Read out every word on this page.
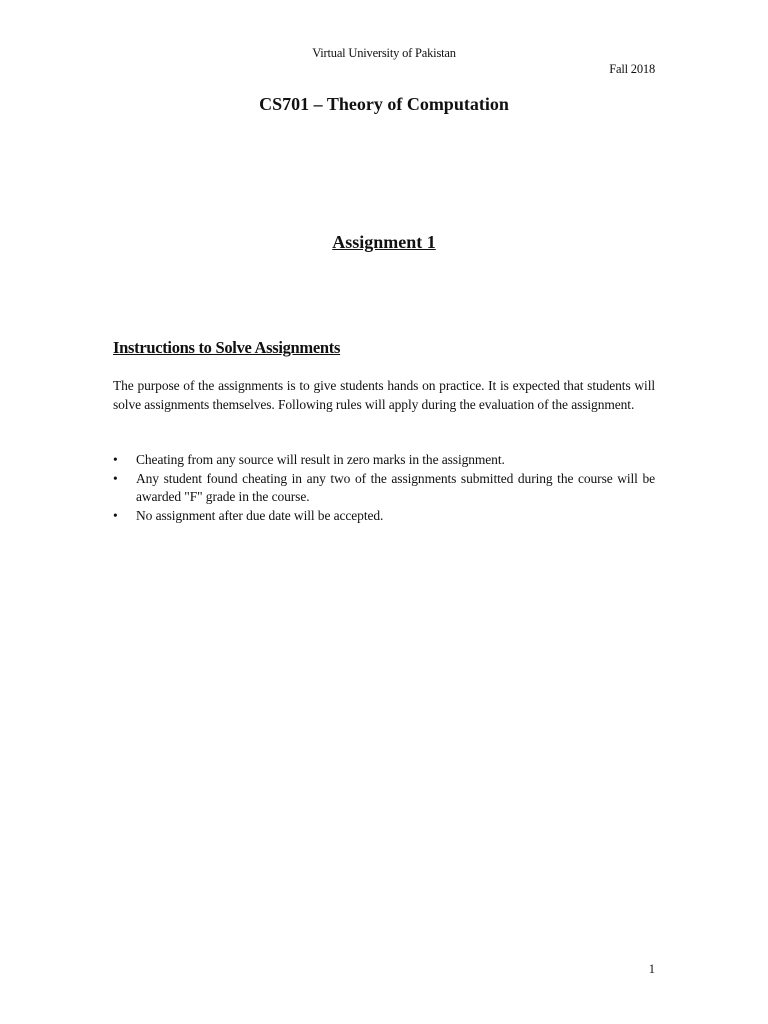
Virtual University of Pakistan
Fall 2018
CS701 – Theory of Computation
Assignment 1
Instructions to Solve Assignments
The purpose of the assignments is to give students hands on practice. It is expected that students will solve assignments themselves. Following rules will apply during the evaluation of the assignment.
•	Cheating from any source will result in zero marks in the assignment.
•	Any student found cheating in any two of the assignments submitted during the course will be awarded "F" grade in the course.
•	No assignment after due date will be accepted.
1
